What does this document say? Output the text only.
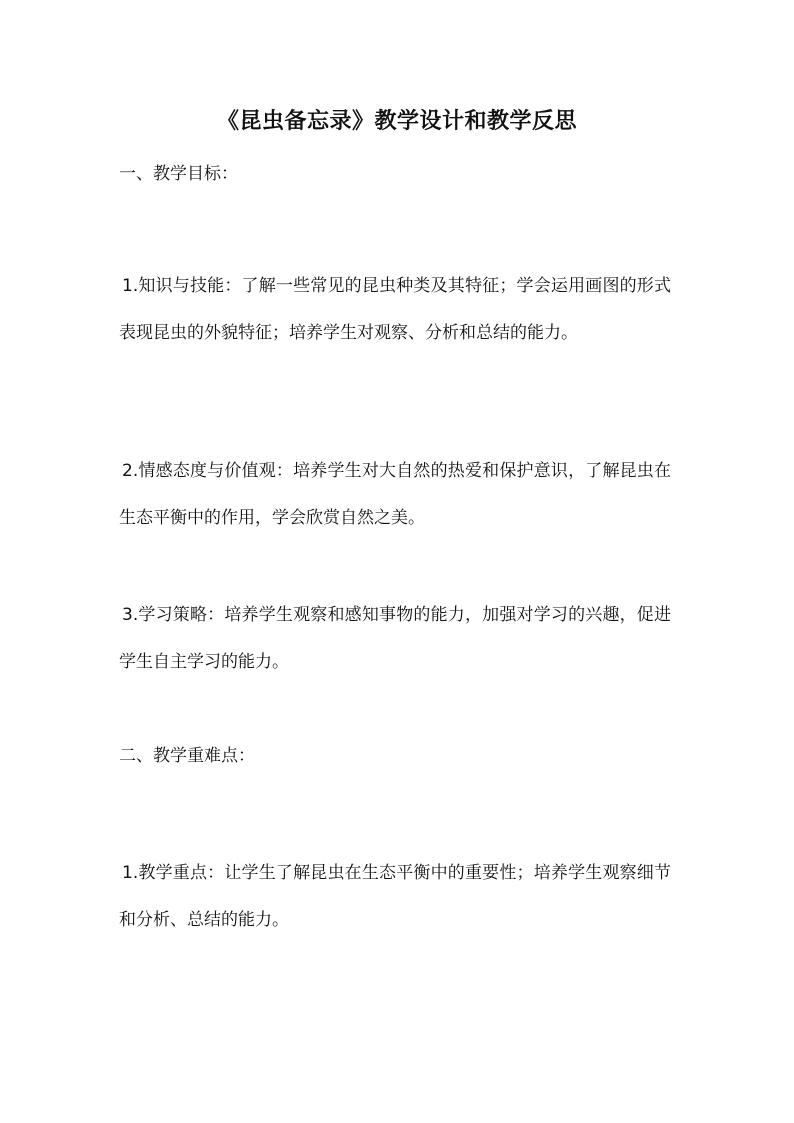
《昆虫备忘录》教学设计和教学反思
一、教学目标：
1.知识与技能：了解一些常见的昆虫种类及其特征；学会运用画图的形式表现昆虫的外貌特征；培养学生对观察、分析和总结的能力。
2.情感态度与价值观：培养学生对大自然的热爱和保护意识，了解昆虫在生态平衡中的作用，学会欣赏自然之美。
3.学习策略：培养学生观察和感知事物的能力，加强对学习的兴趣，促进学生自主学习的能力。
二、教学重难点：
1.教学重点：让学生了解昆虫在生态平衡中的重要性；培养学生观察细节和分析、总结的能力。
